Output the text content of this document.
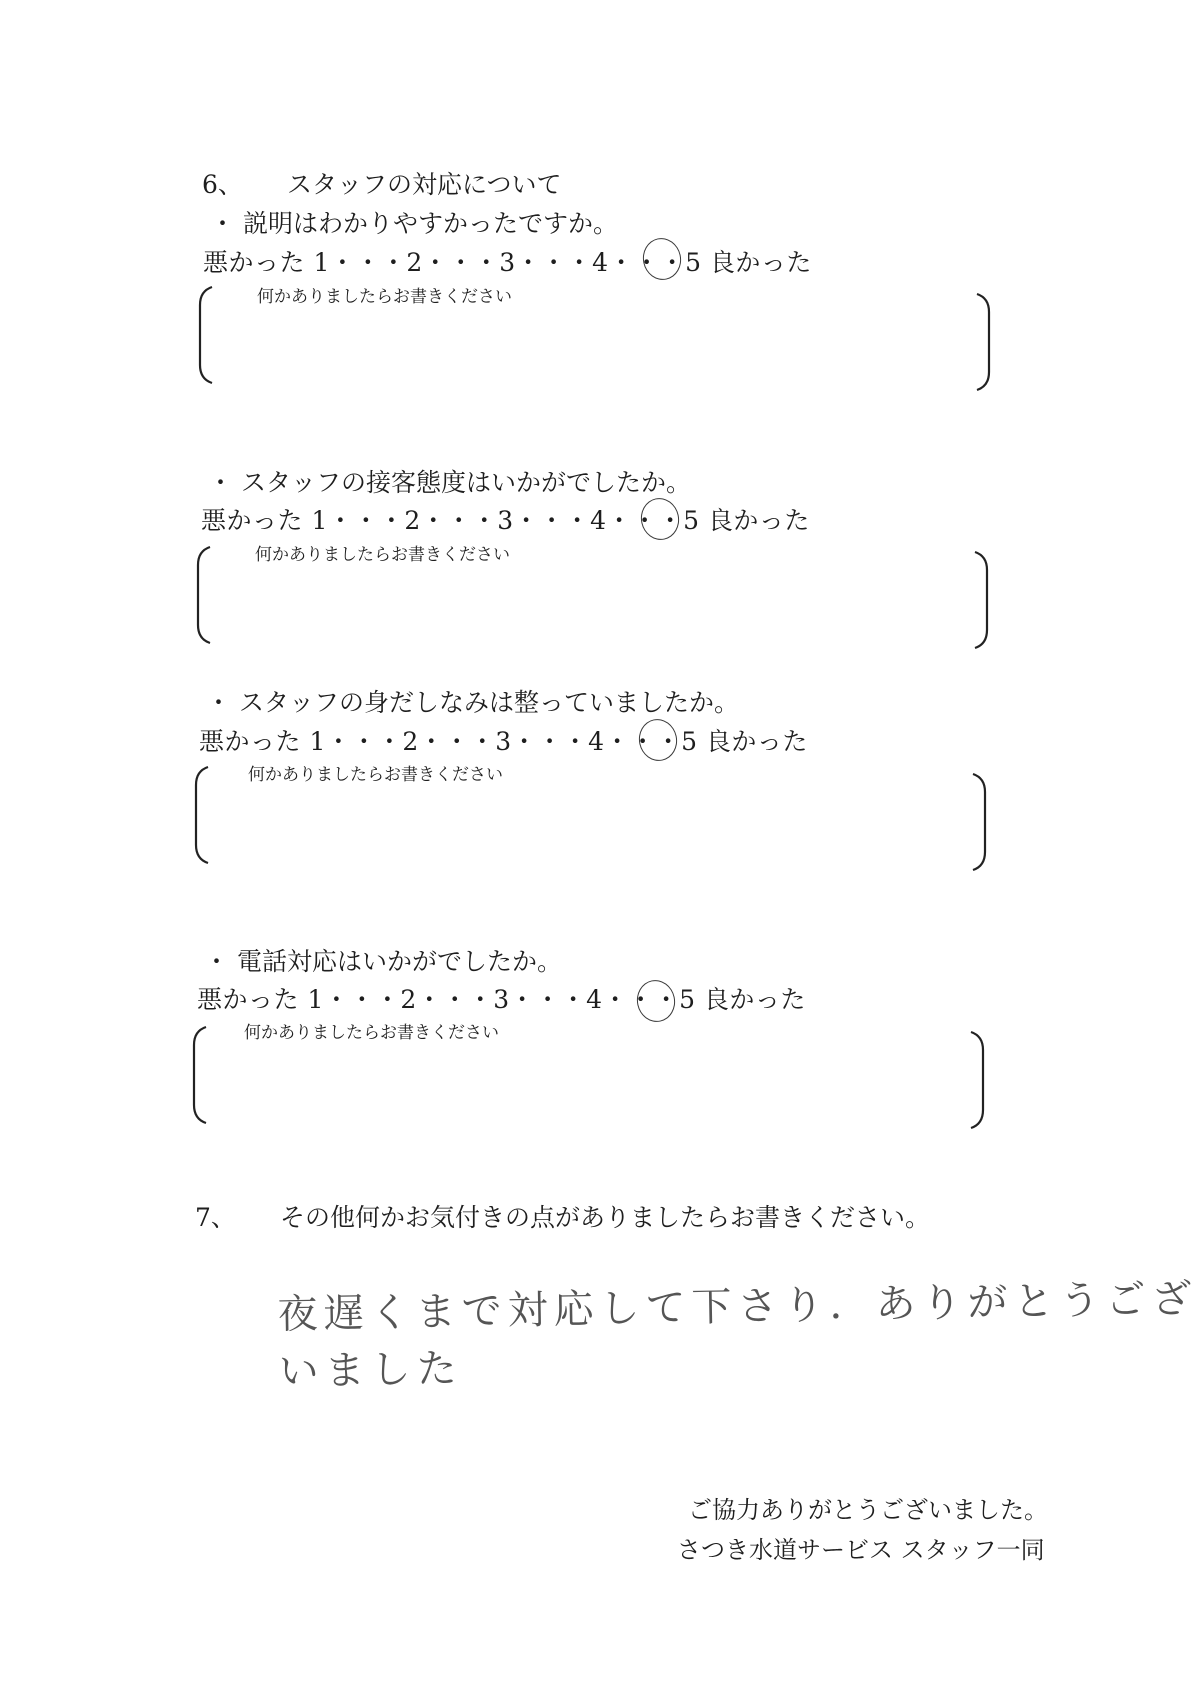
6、 スタッフの対応について
・ 説明はわかりやすかったですか。
悪かった 1・・・2・・・3・・・4・・・5 良かった
何かありましたらお書きください
・ スタッフの接客態度はいかがでしたか。
悪かった 1・・・2・・・3・・・4・・・5 良かった
何かありましたらお書きください
・ スタッフの身だしなみは整っていましたか。
悪かった 1・・・2・・・3・・・4・・・5 良かった
何かありましたらお書きください
・ 電話対応はいかがでしたか。
悪かった 1・・・2・・・3・・・4・・・5 良かった
何かありましたらお書きください
7、 その他何かお気付きの点がありましたらお書きください。
夜遅くまで対応して下さり．ありがとうございました
ご協力ありがとうございました。
さつき水道サービス スタッフ一同
